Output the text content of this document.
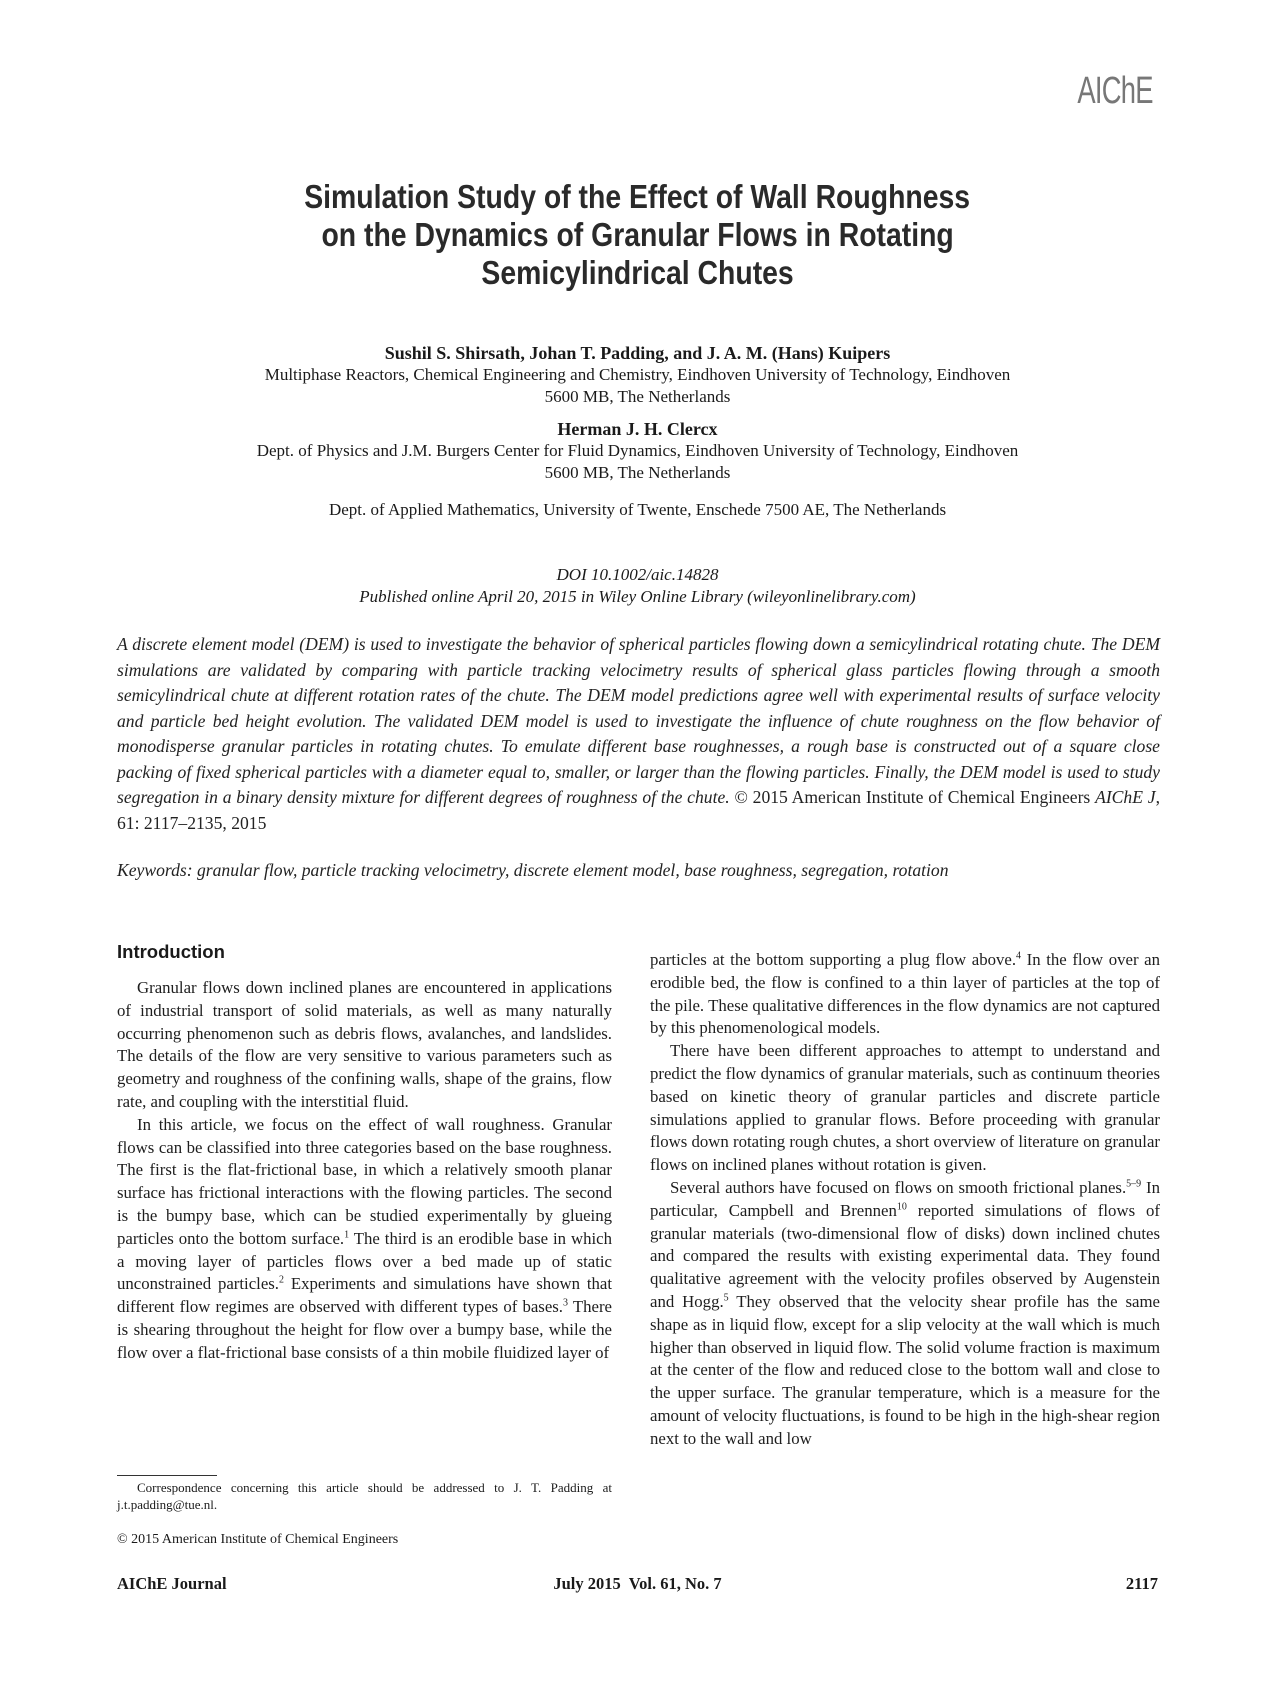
AIChE
Simulation Study of the Effect of Wall Roughness
on the Dynamics of Granular Flows in Rotating
Semicylindrical Chutes
Sushil S. Shirsath, Johan T. Padding, and J. A. M. (Hans) Kuipers
Multiphase Reactors, Chemical Engineering and Chemistry, Eindhoven University of Technology, Eindhoven
5600 MB, The Netherlands
Herman J. H. Clercx
Dept. of Physics and J.M. Burgers Center for Fluid Dynamics, Eindhoven University of Technology, Eindhoven
5600 MB, The Netherlands
Dept. of Applied Mathematics, University of Twente, Enschede 7500 AE, The Netherlands
DOI 10.1002/aic.14828
Published online April 20, 2015 in Wiley Online Library (wileyonlinelibrary.com)
A discrete element model (DEM) is used to investigate the behavior of spherical particles flowing down a semicylindrical rotating chute. The DEM simulations are validated by comparing with particle tracking velocimetry results of spherical glass particles flowing through a smooth semicylindrical chute at different rotation rates of the chute. The DEM model predictions agree well with experimental results of surface velocity and particle bed height evolution. The validated DEM model is used to investigate the influence of chute roughness on the flow behavior of monodisperse granular particles in rotating chutes. To emulate different base roughnesses, a rough base is constructed out of a square close packing of fixed spherical particles with a diameter equal to, smaller, or larger than the flowing particles. Finally, the DEM model is used to study segregation in a binary density mixture for different degrees of roughness of the chute. © 2015 American Institute of Chemical Engineers AIChE J, 61: 2117–2135, 2015
Keywords: granular flow, particle tracking velocimetry, discrete element model, base roughness, segregation, rotation
Introduction

Granular flows down inclined planes are encountered in applications of industrial transport of solid materials, as well as many naturally occurring phenomenon such as debris flows, avalanches, and landslides. The details of the flow are very sensitive to various parameters such as geometry and roughness of the confining walls, shape of the grains, flow rate, and coupling with the interstitial fluid.

In this article, we focus on the effect of wall roughness. Granular flows can be classified into three categories based on the base roughness. The first is the flat-frictional base, in which a relatively smooth planar surface has frictional interactions with the flowing particles. The second is the bumpy base, which can be studied experimentally by glueing particles onto the bottom surface.$^1$ The third is an erodible base in which a moving layer of particles flows over a bed made up of static unconstrained particles.$^2$ Experiments and simulations have shown that different flow regimes are observed with different types of bases.$^3$ There is shearing throughout the height for flow over a bumpy base, while the flow over a flat-frictional base consists of a thin mobile fluidized layer of

particles at the bottom supporting a plug flow above.$^4$ In the flow over an erodible bed, the flow is confined to a thin layer of particles at the top of the pile. These qualitative differences in the flow dynamics are not captured by this phenomenological models.

There have been different approaches to attempt to understand and predict the flow dynamics of granular materials, such as continuum theories based on kinetic theory of granular particles and discrete particle simulations applied to granular flows. Before proceeding with granular flows down rotating rough chutes, a short overview of literature on granular flows on inclined planes without rotation is given.

Several authors have focused on flows on smooth frictional planes.$^{5-9}$ In particular, Campbell and Brennen$^{10}$ reported simulations of flows of granular materials (two-dimensional flow of disks) down inclined chutes and compared the results with existing experimental data. They found qualitative agreement with the velocity profiles observed by Augenstein and Hogg.$^5$ They observed that the velocity shear profile has the same shape as in liquid flow, except for a slip velocity at the wall which is much higher than observed in liquid flow. The solid volume fraction is maximum at the center of the flow and reduced close to the bottom wall and close to the upper surface. The granular temperature, which is a measure for the amount of velocity fluctuations, is found to be high in the high-shear region next to the wall and low

Correspondence concerning this article should be addressed to J. T. Padding at j.t.padding@tue.nl.
© 2015 American Institute of Chemical Engineers
AIChE Journal	July 2015  Vol. 61, No. 7	2117
